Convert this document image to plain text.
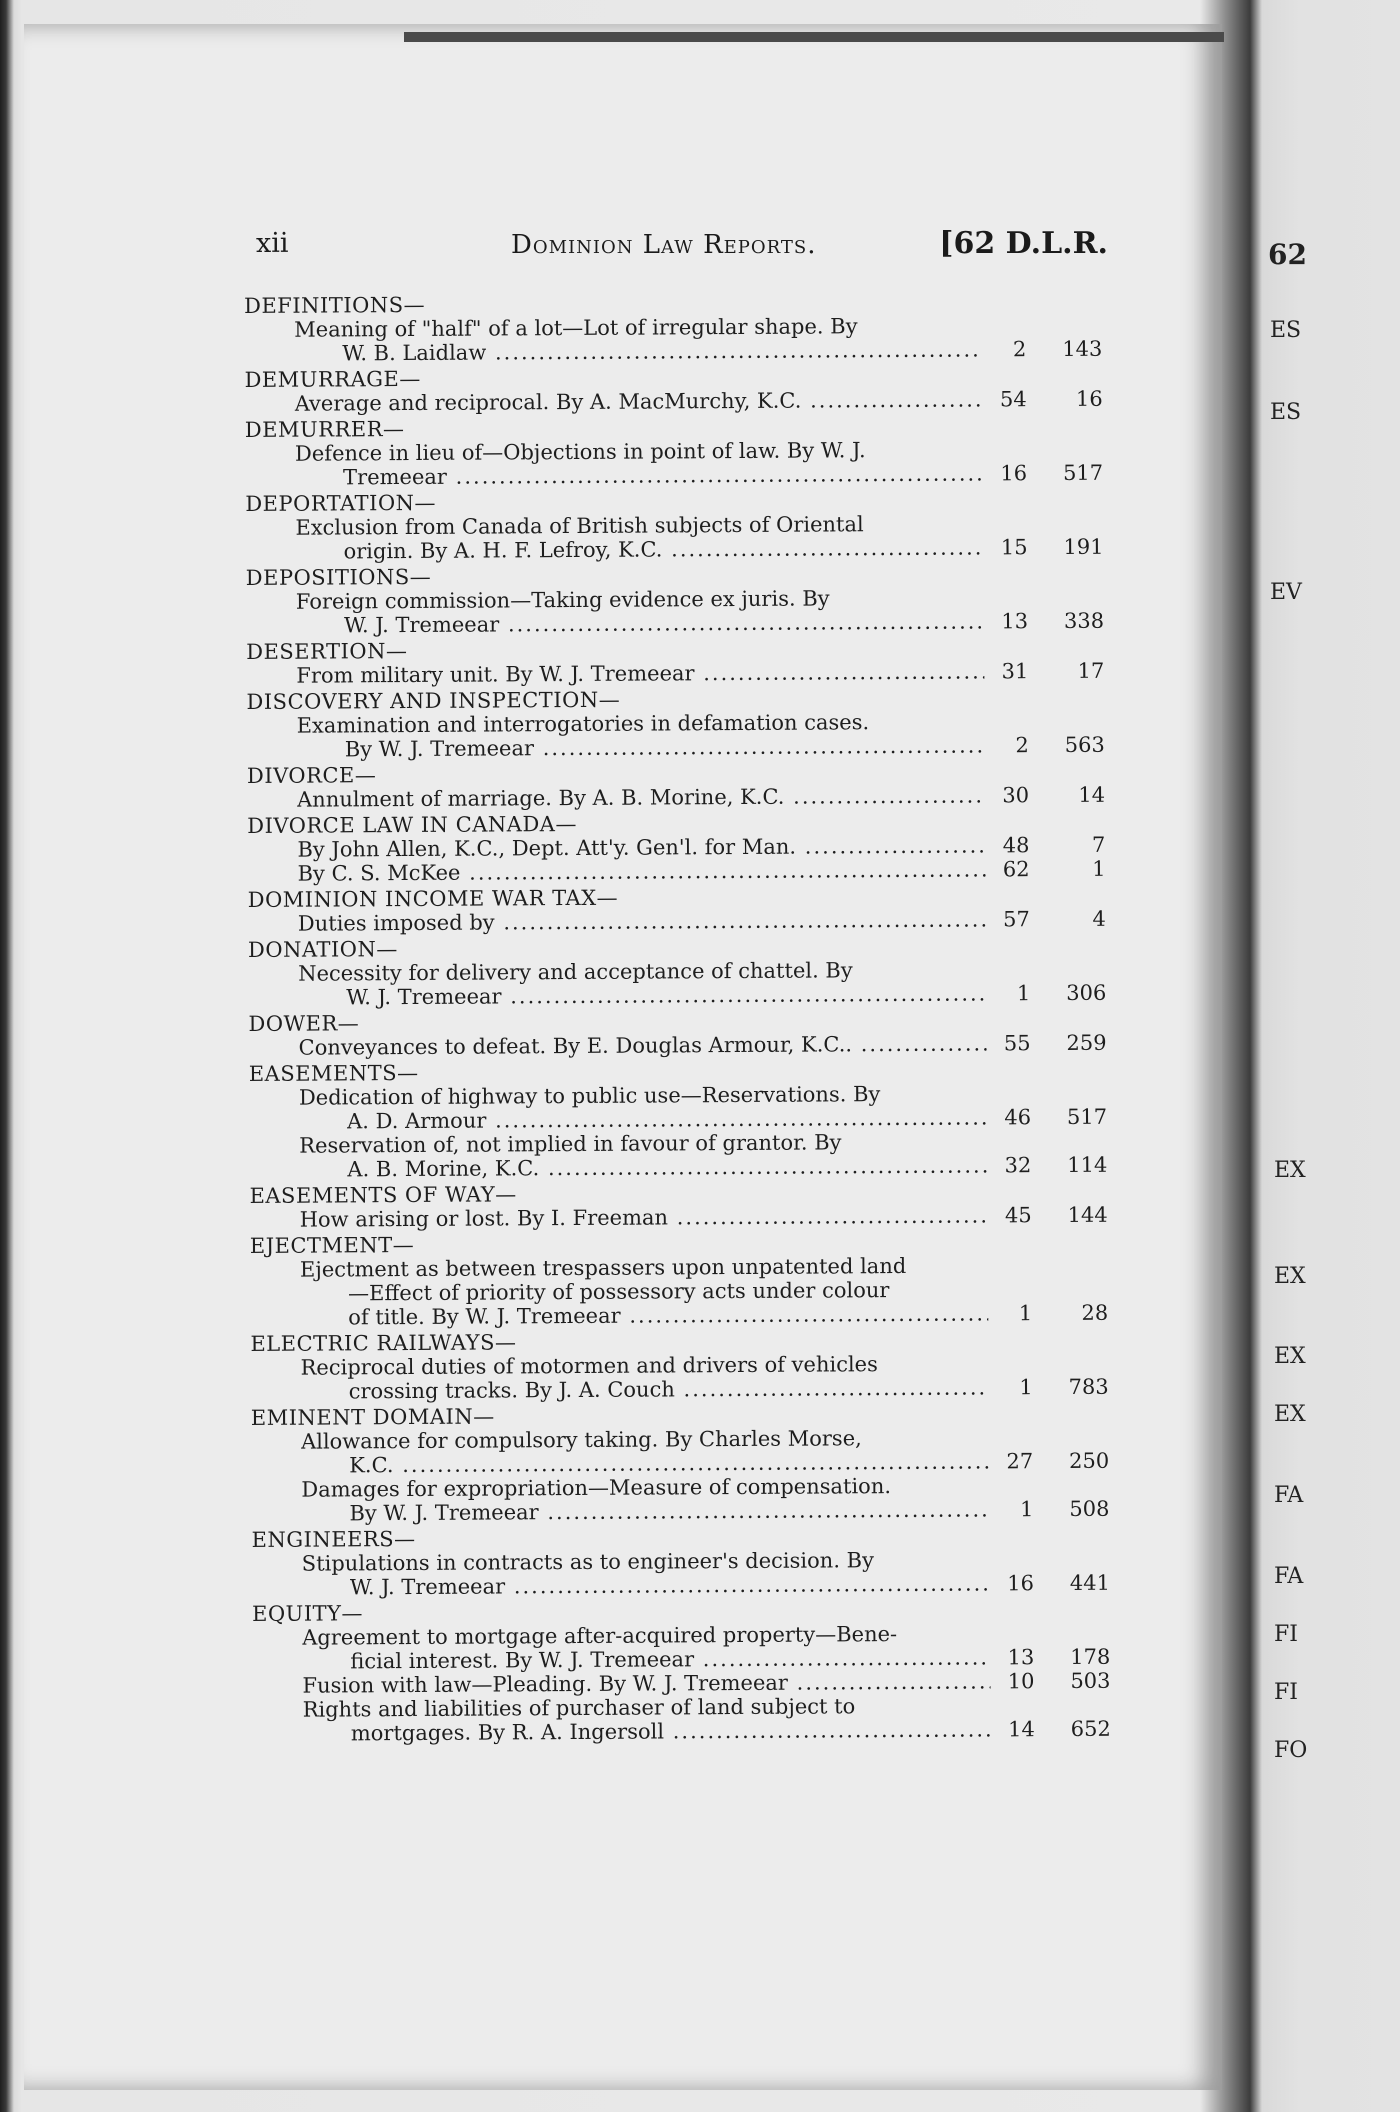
xii	Dominion Law Reports.	[62 D.L.R.
DEFINITIONS—
Meaning of "half" of a lot—Lot of irregular shape. By
W. B. Laidlaw .....	2	143
DEMURRAGE—
Average and reciprocal. By A. MacMurchy, K.C. .....	54	16
DEMURRER—
Defence in lieu of—Objections in point of law. By W. J.
Tremeear .....	16	517
DEPORTATION—
Exclusion from Canada of British subjects of Oriental
origin. By A. H. F. Lefroy, K.C. .....	15	191
DEPOSITIONS—
Foreign commission—Taking evidence ex juris. By
W. J. Tremeear .....	13	338
DESERTION—
From military unit. By W. J. Tremeear .....	31	17
DISCOVERY AND INSPECTION—
Examination and interrogatories in defamation cases.
By W. J. Tremeear .....	2	563
DIVORCE—
Annulment of marriage. By A. B. Morine, K.C. .....	30	14
DIVORCE LAW IN CANADA—
By John Allen, K.C., Dept. Att'y. Gen'l. for Man. .....	48	7
By C. S. McKee .....	62	1
DOMINION INCOME WAR TAX—
Duties imposed by .....	57	4
DONATION—
Necessity for delivery and acceptance of chattel. By
W. J. Tremeear .....	1	306
DOWER—
Conveyances to defeat. By E. Douglas Armour, K.C.. .....	55	259
EASEMENTS—
Dedication of highway to public use—Reservations. By
A. D. Armour .....	46	517
Reservation of, not implied in favour of grantor. By
A. B. Morine, K.C. .....	32	114
EASEMENTS OF WAY—
How arising or lost. By I. Freeman .....	45	144
EJECTMENT—
Ejectment as between trespassers upon unpatented land
—Effect of priority of possessory acts under colour
of title. By W. J. Tremeear .....	1	28
ELECTRIC RAILWAYS—
Reciprocal duties of motormen and drivers of vehicles
crossing tracks. By J. A. Couch .....	1	783
EMINENT DOMAIN—
Allowance for compulsory taking. By Charles Morse,
K.C. .....	27	250
Damages for expropriation—Measure of compensation.
By W. J. Tremeear .....	1	508
ENGINEERS—
Stipulations in contracts as to engineer's decision. By
W. J. Tremeear .....	16	441
EQUITY—
Agreement to mortgage after-acquired property—Bene-
ficial interest. By W. J. Tremeear .....	13	178
Fusion with law—Pleading. By W. J. Tremeear .....	10	503
Rights and liabilities of purchaser of land subject to
mortgages. By R. A. Ingersoll .....	14	652
62
ES
ES
EV
EX
EX
EX
EX
FA
FA
FI
FI
FO
